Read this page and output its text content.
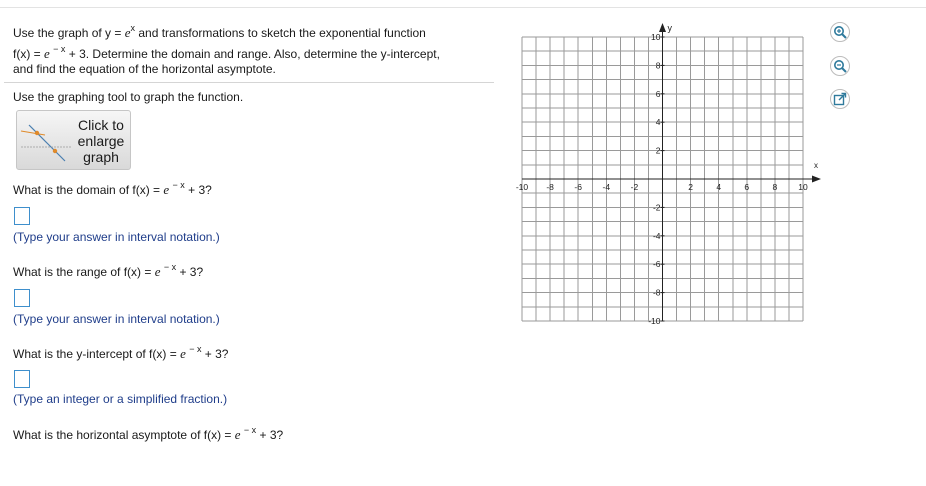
Use the graph of $y = e^x$ and transformations to sketch the exponential function
f(x) = e $^{- x}$ + 3. Determine the domain and range. Also, determine the y-intercept,
and find the equation of the horizontal asymptote.
Use the graphing tool to graph the function.
Click to enlarge graph
What is the domain of f(x) = e $^{- x}$ + 3?
(Type your answer in interval notation.)
What is the range of f(x) = e $^{- x}$ + 3?
(Type your answer in interval notation.)
What is the y-intercept of f(x) = e $^{- x}$ + 3?
(Type an integer or a simplified fraction.)
What is the horizontal asymptote of f(x) = e $^{- x}$ + 3?
x
y
-10 -8 -6 -4 -2	2	4	6	8 10
10
8
6
4
2
-2
-4
-6
-8
-10
